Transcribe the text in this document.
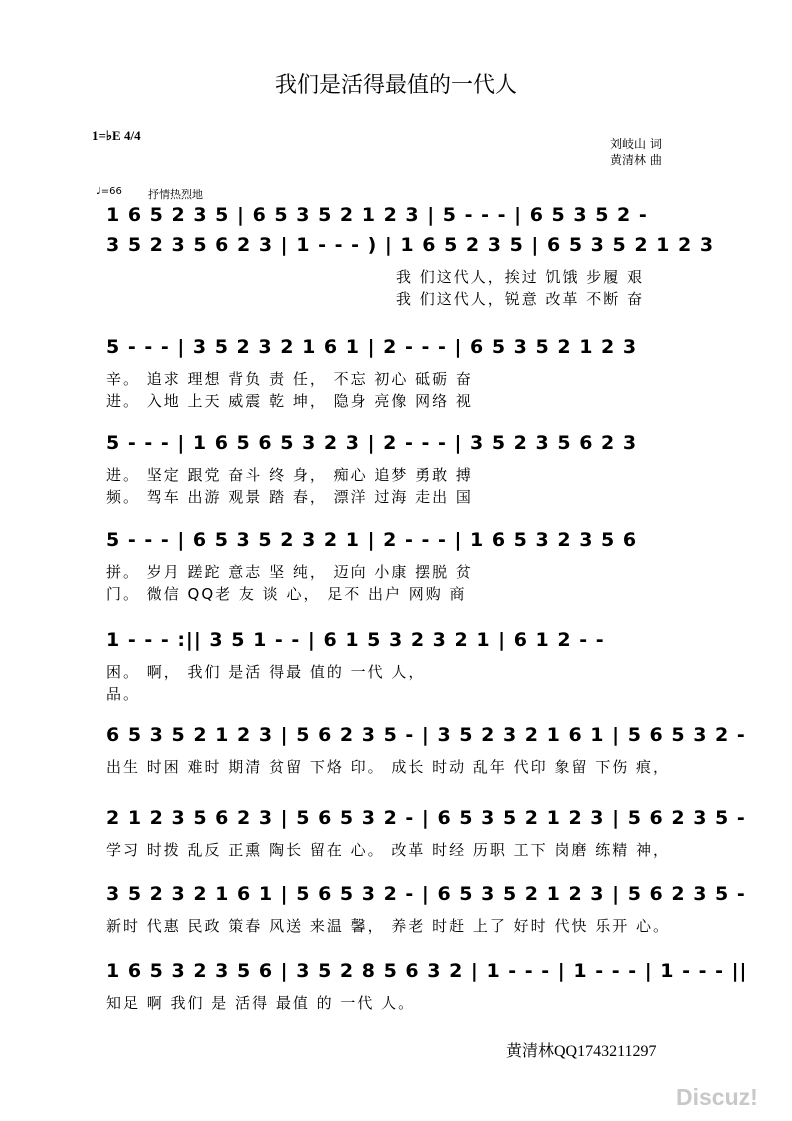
我们是活得最值的一代人
1=♭E 4/4
刘岐山 词
黄清林 曲
♩=66 抒情热烈地
1 6 5 2 3 5 | 6 5 3 5 2 1 2 3 | 5 - - - | 6 5 3 5 2 -
3 5 2 3 5 6 2 3 | 1 - - - ) | 1 6 5 2 3 5 | 6 5 3 5 2 1 2 3
我 们这代人，挨过 饥饿 步履 艰
我 们这代人，锐意 改革 不断 奋
5 - - - | 3 5 2 3 2 1 6 1 | 2 - - - | 6 5 3 5 2 1 2 3
辛。 追求 理想 背负 责 任， 不忘 初心 砥砺 奋
进。 入地 上天 威震 乾 坤， 隐身 亮像 网络 视
5 - - - | 1 6 5 6 5 3 2 3 | 2 - - - | 3 5 2 3 5 6 2 3
进。 坚定 跟党 奋斗 终 身， 痴心 追梦 勇敢 搏
频。 驾车 出游 观景 踏 春， 漂洋 过海 走出 国
5 - - - | 6 5 3 5 2 3 2 1 | 2 - - - | 1 6 5 3 2 3 5 6
拼。 岁月 蹉跎 意志 坚 纯， 迈向 小康 摆脱 贫
门。 微信 QQ老 友 谈 心， 足不 出户 网购 商
1 - - - :|| 3 5 1 - - | 6 1 5 3 2 3 2 1 | 6 1 2 - -
困。 啊， 我们 是活 得最 值的 一代 人，
品。
6 5 3 5 2 1 2 3 | 5 6 2 3 5 - | 3 5 2 3 2 1 6 1 | 5 6 5 3 2 -
出生 时困 难时 期清 贫留 下烙 印。 成长 时动 乱年 代印 象留 下伤 痕，
2 1 2 3 5 6 2 3 | 5 6 5 3 2 - | 6 5 3 5 2 1 2 3 | 5 6 2 3 5 -
学习 时拨 乱反 正熏 陶长 留在 心。 改革 时经 历职 工下 岗磨 练精 神，
3 5 2 3 2 1 6 1 | 5 6 5 3 2 - | 6 5 3 5 2 1 2 3 | 5 6 2 3 5 -
新时 代惠 民政 策春 风送 来温 馨， 养老 时赶 上了 好时 代快 乐开 心。
1 6 5 3 2 3 5 6 | 3 5 2 8 5 6 3 2 | 1 - - - | 1 - - - | 1 - - - ||
知足 啊 我们 是 活得 最值 的 一代 人。
黄清林QQ1743211297
Discuz!
